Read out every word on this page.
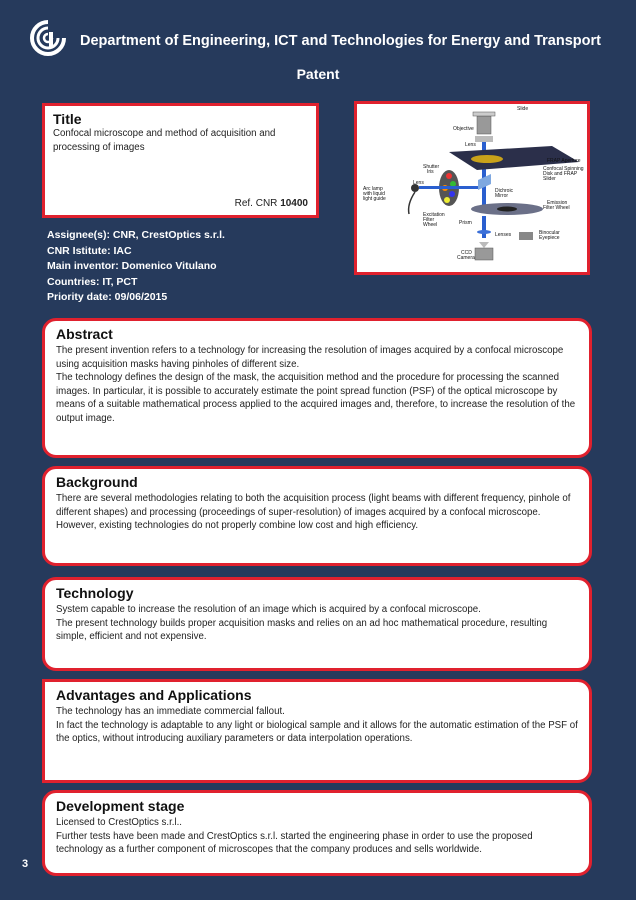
Department of Engineering, ICT and Technologies for Energy and Transport
Patent
Title

Confocal microscope and method of acquisition and processing of images

Ref. CNR 10400
Assignee(s): CNR, CrestOptics s.r.l.
CNR Istitute: IAC
Main inventor: Domenico Vitulano
Countries: IT, PCT
Priority date: 09/06/2015
Slide
Objective
Lens
FRAP Aperture
Confocal Spinning
Disk and FRAP
Slider
Shutter
Iris
Lens
Arc lamp
with liquid
light guide
Dichroic
Mirror
Emission
Filter Wheel
Excitation
Filter
Wheel	Prism
Lenses	Binocular
Eyepiece
CCD
Camera
Abstract

The present invention refers to a technology for increasing the resolution of images acquired by a confocal microscope using acquisition masks having pinholes of different size.

The technology defines the design of the mask, the acquisition method and the procedure for processing the scanned images. In particular, it is possible to accurately estimate the point spread function (PSF) of the optical microscope by means of a suitable mathematical process applied to the acquired images and, therefore, to increase the resolution of the output image.

Background

There are several methodologies relating to both the acquisition process (light beams with different frequency, pinhole of different shapes) and processing (proceedings of super-resolution) of images acquired by a confocal microscope.

However, existing technologies do not properly combine low cost and high efficiency.

Technology

System capable to increase the resolution of an image which is acquired by a confocal microscope.

The present technology builds proper acquisition masks and relies on an ad hoc mathematical procedure, resulting simple, efficient and not expensive.

Advantages and Applications

The technology has an immediate commercial fallout.

In fact the technology is adaptable to any light or biological sample and it allows for the automatic estimation of the PSF of the optics, without introducing auxiliary parameters or data interpolation operations.

Development stage

Licensed to CrestOptics s.r.l..

Further tests have been made and CrestOptics s.r.l. started the engineering phase in order to use the proposed technology as a further component of microscopes that the company produces and sells worldwide.

3
